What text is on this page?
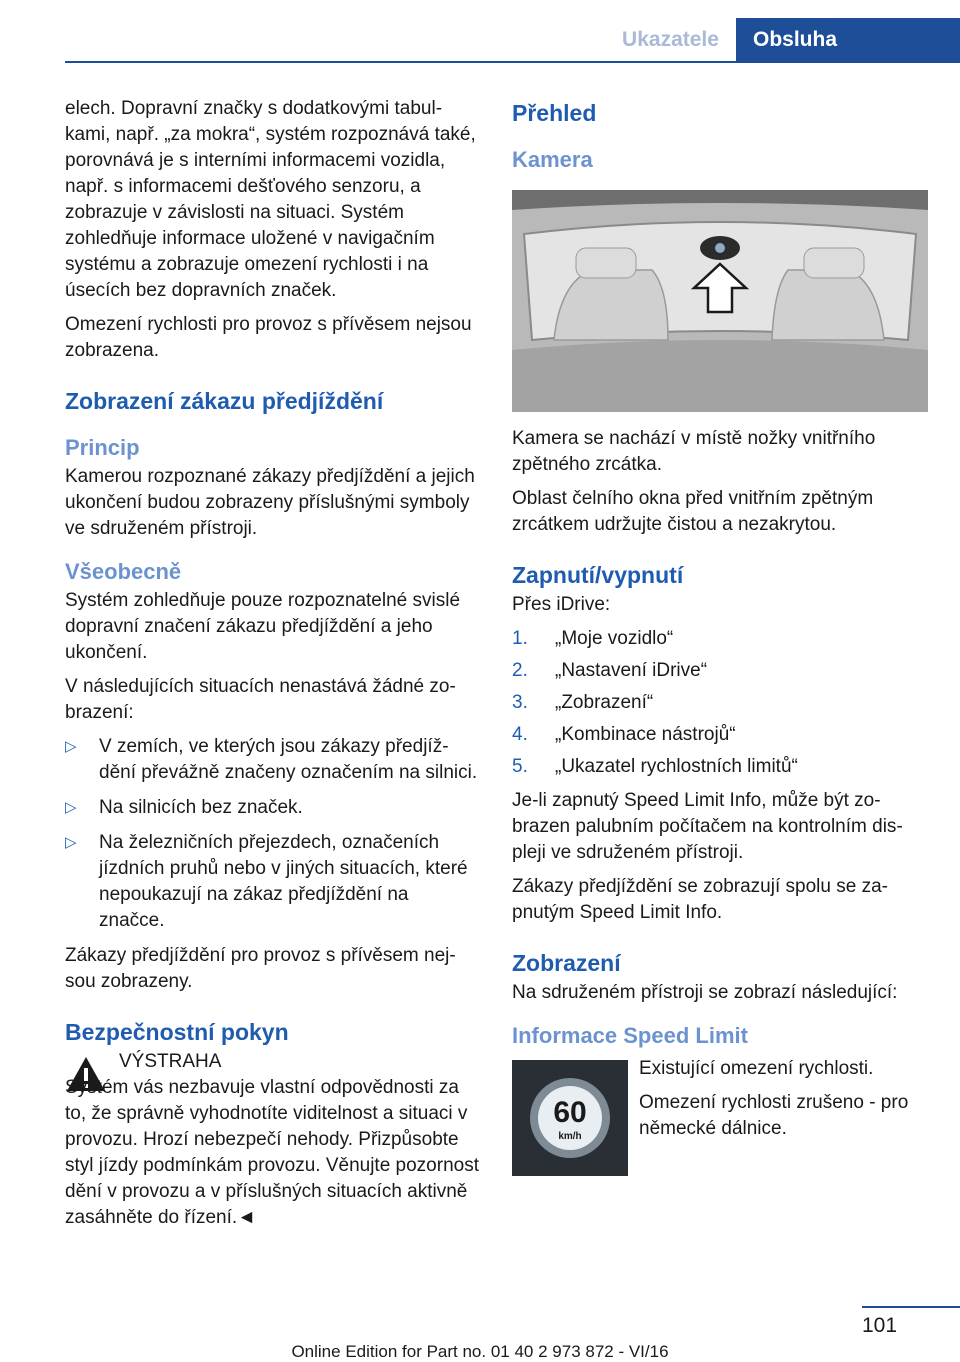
Ukazatele	Obsluha

elech. Dopravní značky s dodatkovými tabulkami, např. „za mokra“, systém rozpoznává také, porovnává je s interními informacemi vozidla, např. s informacemi dešťového senzoru, a zobrazuje v závislosti na situaci. Systém zohledňuje informace uložené v navigačním systému a zobrazuje omezení rychlosti i na úsecích bez dopravních značek.

Omezení rychlosti pro provoz s přívěsem nejsou zobrazena.

Zobrazení zákazu předjíždění
Princip

Kamerou rozpoznané zákazy předjíždění a jejich ukončení budou zobrazeny příslušnými symboly ve sdruženém přístroji.

Všeobecně

Systém zohledňuje pouze rozpoznatelné svislé dopravní značení zákazu předjíždění a jeho ukončení.

V následujících situacích nenastává žádné zobrazení:

▷ V zemích, ve kterých jsou zákazy předjíždění převážně značeny označením na silnici.
▷ Na silnicích bez značek.
▷ Na železničních přejezdech, označeních jízdních pruhů nebo v jiných situacích, které nepoukazují na zákaz předjíždění na značce.

Zákazy předjíždění pro provoz s přívěsem nejsou zobrazeny.

Bezpečnostní pokyn
VÝSTRAHA
Systém vás nezbavuje vlastní odpovědnosti za to, že správně vyhodnotíte viditelnost a situaci v provozu. Hrozí nebezpečí nehody. Přizpůsobte styl jízdy podmínkám provozu. Věnujte pozornost dění v provozu a v příslušných situacích aktivně zasáhněte do řízení.◄
Přehled
Kamera

Kamera se nachází v místě nožky vnitřního zpětného zrcátka.

Oblast čelního okna před vnitřním zpětným zrcátkem udržujte čistou a nezakrytou.

Zapnutí/vypnutí

Přes iDrive:

1. „Moje vozidlo“
2. „Nastavení iDrive“
3. „Zobrazení“
4. „Kombinace nástrojů“
5. „Ukazatel rychlostních limitů“

Je-li zapnutý Speed Limit Info, může být zobrazen palubním počítačem na kontrolním displeji ve sdruženém přístroji.

Zákazy předjíždění se zobrazují spolu se zapnutým Speed Limit Info.

Zobrazení

Na sdruženém přístroji se zobrazí následující:

Informace Speed Limit
60
km/h

Existující omezení rychlosti.

Omezení rychlosti zrušeno - pro německé dálnice.

101
Online Edition for Part no. 01 40 2 973 872 - VI/16
